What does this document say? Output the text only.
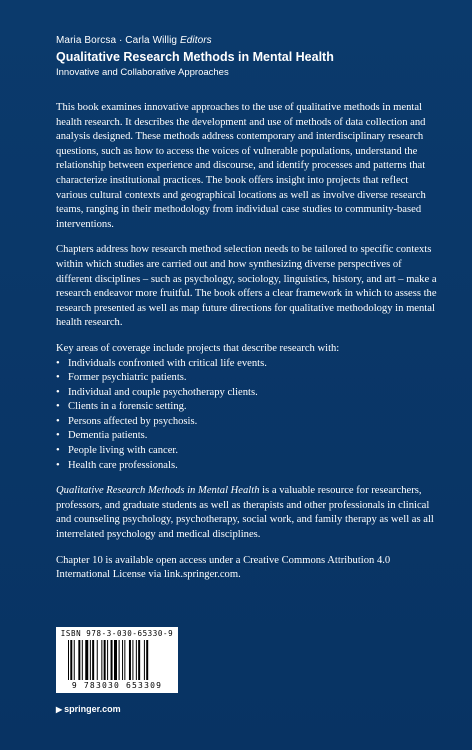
Maria Borcsa · Carla Willig Editors
Qualitative Research Methods in Mental Health
Innovative and Collaborative Approaches

This book examines innovative approaches to the use of qualitative methods in mental health research. It describes the development and use of methods of data collection and analysis designed. These methods address contemporary and interdisciplinary research questions, such as how to access the voices of vulnerable populations, understand the relationship between experience and discourse, and identify processes and patterns that characterize institutional practices. The book offers insight into projects that reflect various cultural contexts and geographical locations as well as involve diverse research teams, ranging in their methodology from individual case studies to community-based interventions.

Chapters address how research method selection needs to be tailored to specific contexts within which studies are carried out and how synthesizing diverse perspectives of different disciplines – such as psychology, sociology, linguistics, history, and art – make a research endeavor more fruitful. The book offers a clear framework in which to assess the research presented as well as map future directions for qualitative methodology in mental health research.

Key areas of coverage include projects that describe research with:

• Individuals confronted with critical life events.
• Former psychiatric patients.
• Individual and couple psychotherapy clients.
• Clients in a forensic setting.
• Persons affected by psychosis.
• Dementia patients.
• People living with cancer.
• Health care professionals.

Qualitative Research Methods in Mental Health is a valuable resource for researchers, professors, and graduate students as well as therapists and other professionals in clinical and counseling psychology, psychotherapy, social work, and family therapy as well as all interrelated psychology and medical disciplines.

Chapter 10 is available open access under a Creative Commons Attribution 4.0 International License via link.springer.com.

ISBN 978-3-030-65330-9
9 783030 653309
▶ springer.com
